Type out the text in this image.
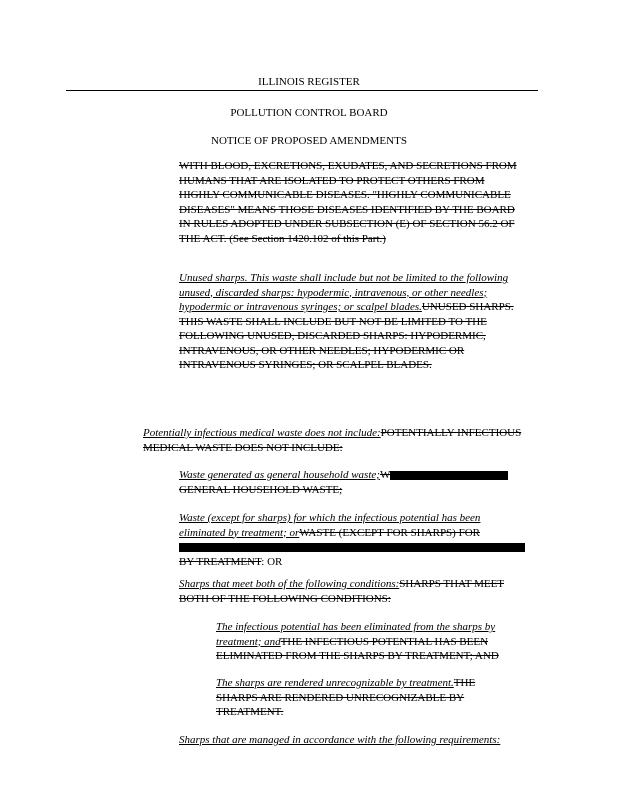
ILLINOIS REGISTER
POLLUTION CONTROL BOARD
NOTICE OF PROPOSED AMENDMENTS
WITH BLOOD, EXCRETIONS, EXUDATES, AND SECRETIONS FROM HUMANS THAT ARE ISOLATED TO PROTECT OTHERS FROM HIGHLY COMMUNICABLE DISEASES. "HIGHLY COMMUNICABLE DISEASES" MEANS THOSE DISEASES IDENTIFIED BY THE BOARD IN RULES ADOPTED UNDER SUBSECTION (E) OF SECTION 56.2 OF THE ACT. (See Section 1420.102 of this Part.)
Unused sharps. This waste shall include but not be limited to the following unused, discarded sharps: hypodermic, intravenous, or other needles; hypodermic or intravenous syringes; or scalpel blades.UNUSED SHARPS. THIS WASTE SHALL INCLUDE BUT NOT BE LIMITED TO THE FOLLOWING UNUSED, DISCARDED SHARPS: HYPODERMIC, INTRAVENOUS, OR OTHER NEEDLES; HYPODERMIC OR INTRAVENOUS SYRINGES; OR SCALPEL BLADES.
Potentially infectious medical waste does not include:POTENTIALLY INFECTIOUS MEDICAL WASTE DOES NOT INCLUDE:
Waste generated as general household waste;W
GENERAL HOUSEHOLD WASTE;
Waste (except for sharps) for which the infectious potential has been eliminated by treatment; orWASTE (EXCEPT FOR SHARPS) FOR

BY TREATMENT: OR
Sharps that meet both of the following conditions:SHARPS THAT MEET BOTH OF THE FOLLOWING CONDITIONS:
The infectious potential has been eliminated from the sharps by treatment; andTHE INFECTIOUS POTENTIAL HAS BEEN ELIMINATED FROM THE SHARPS BY TREATMENT; AND
The sharps are rendered unrecognizable by treatment.THE SHARPS ARE RENDERED UNRECOGNIZABLE BY TREATMENT.
Sharps that are managed in accordance with the following requirements:
